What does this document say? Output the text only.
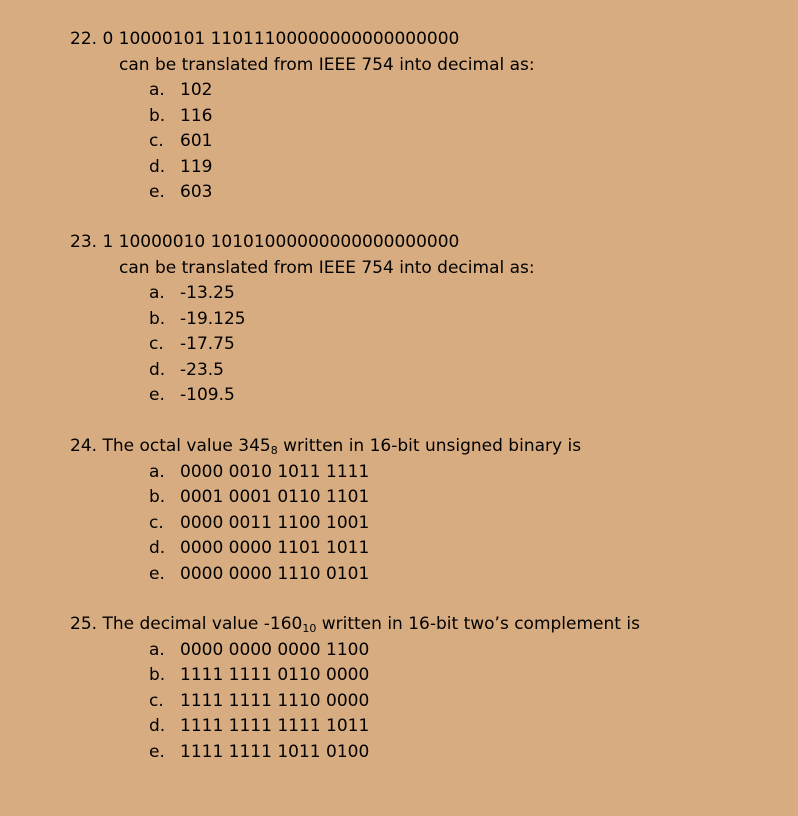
22. 0 10000101 11011100000000000000000
can be translated from IEEE 754 into decimal as:
a. 102
b. 116
c. 601
d. 119
e. 603
23. 1 10000010 10101000000000000000000
can be translated from IEEE 754 into decimal as:
a. -13.25
b. -19.125
c. -17.75
d. -23.5
e. -109.5
24. The octal value $345_8$ written in 16-bit unsigned binary is
a. 0000 0010 1011 1111
b. 0001 0001 0110 1101
c. 0000 0011 1100 1001
d. 0000 0000 1101 1011
e. 0000 0000 1110 0101
25. The decimal value $-160_{10}$ written in 16-bit two’s complement is
a. 0000 0000 0000 1100
b. 1111 1111 0110 0000
c. 1111 1111 1110 0000
d. 1111 1111 1111 1011
e. 1111 1111 1011 0100
